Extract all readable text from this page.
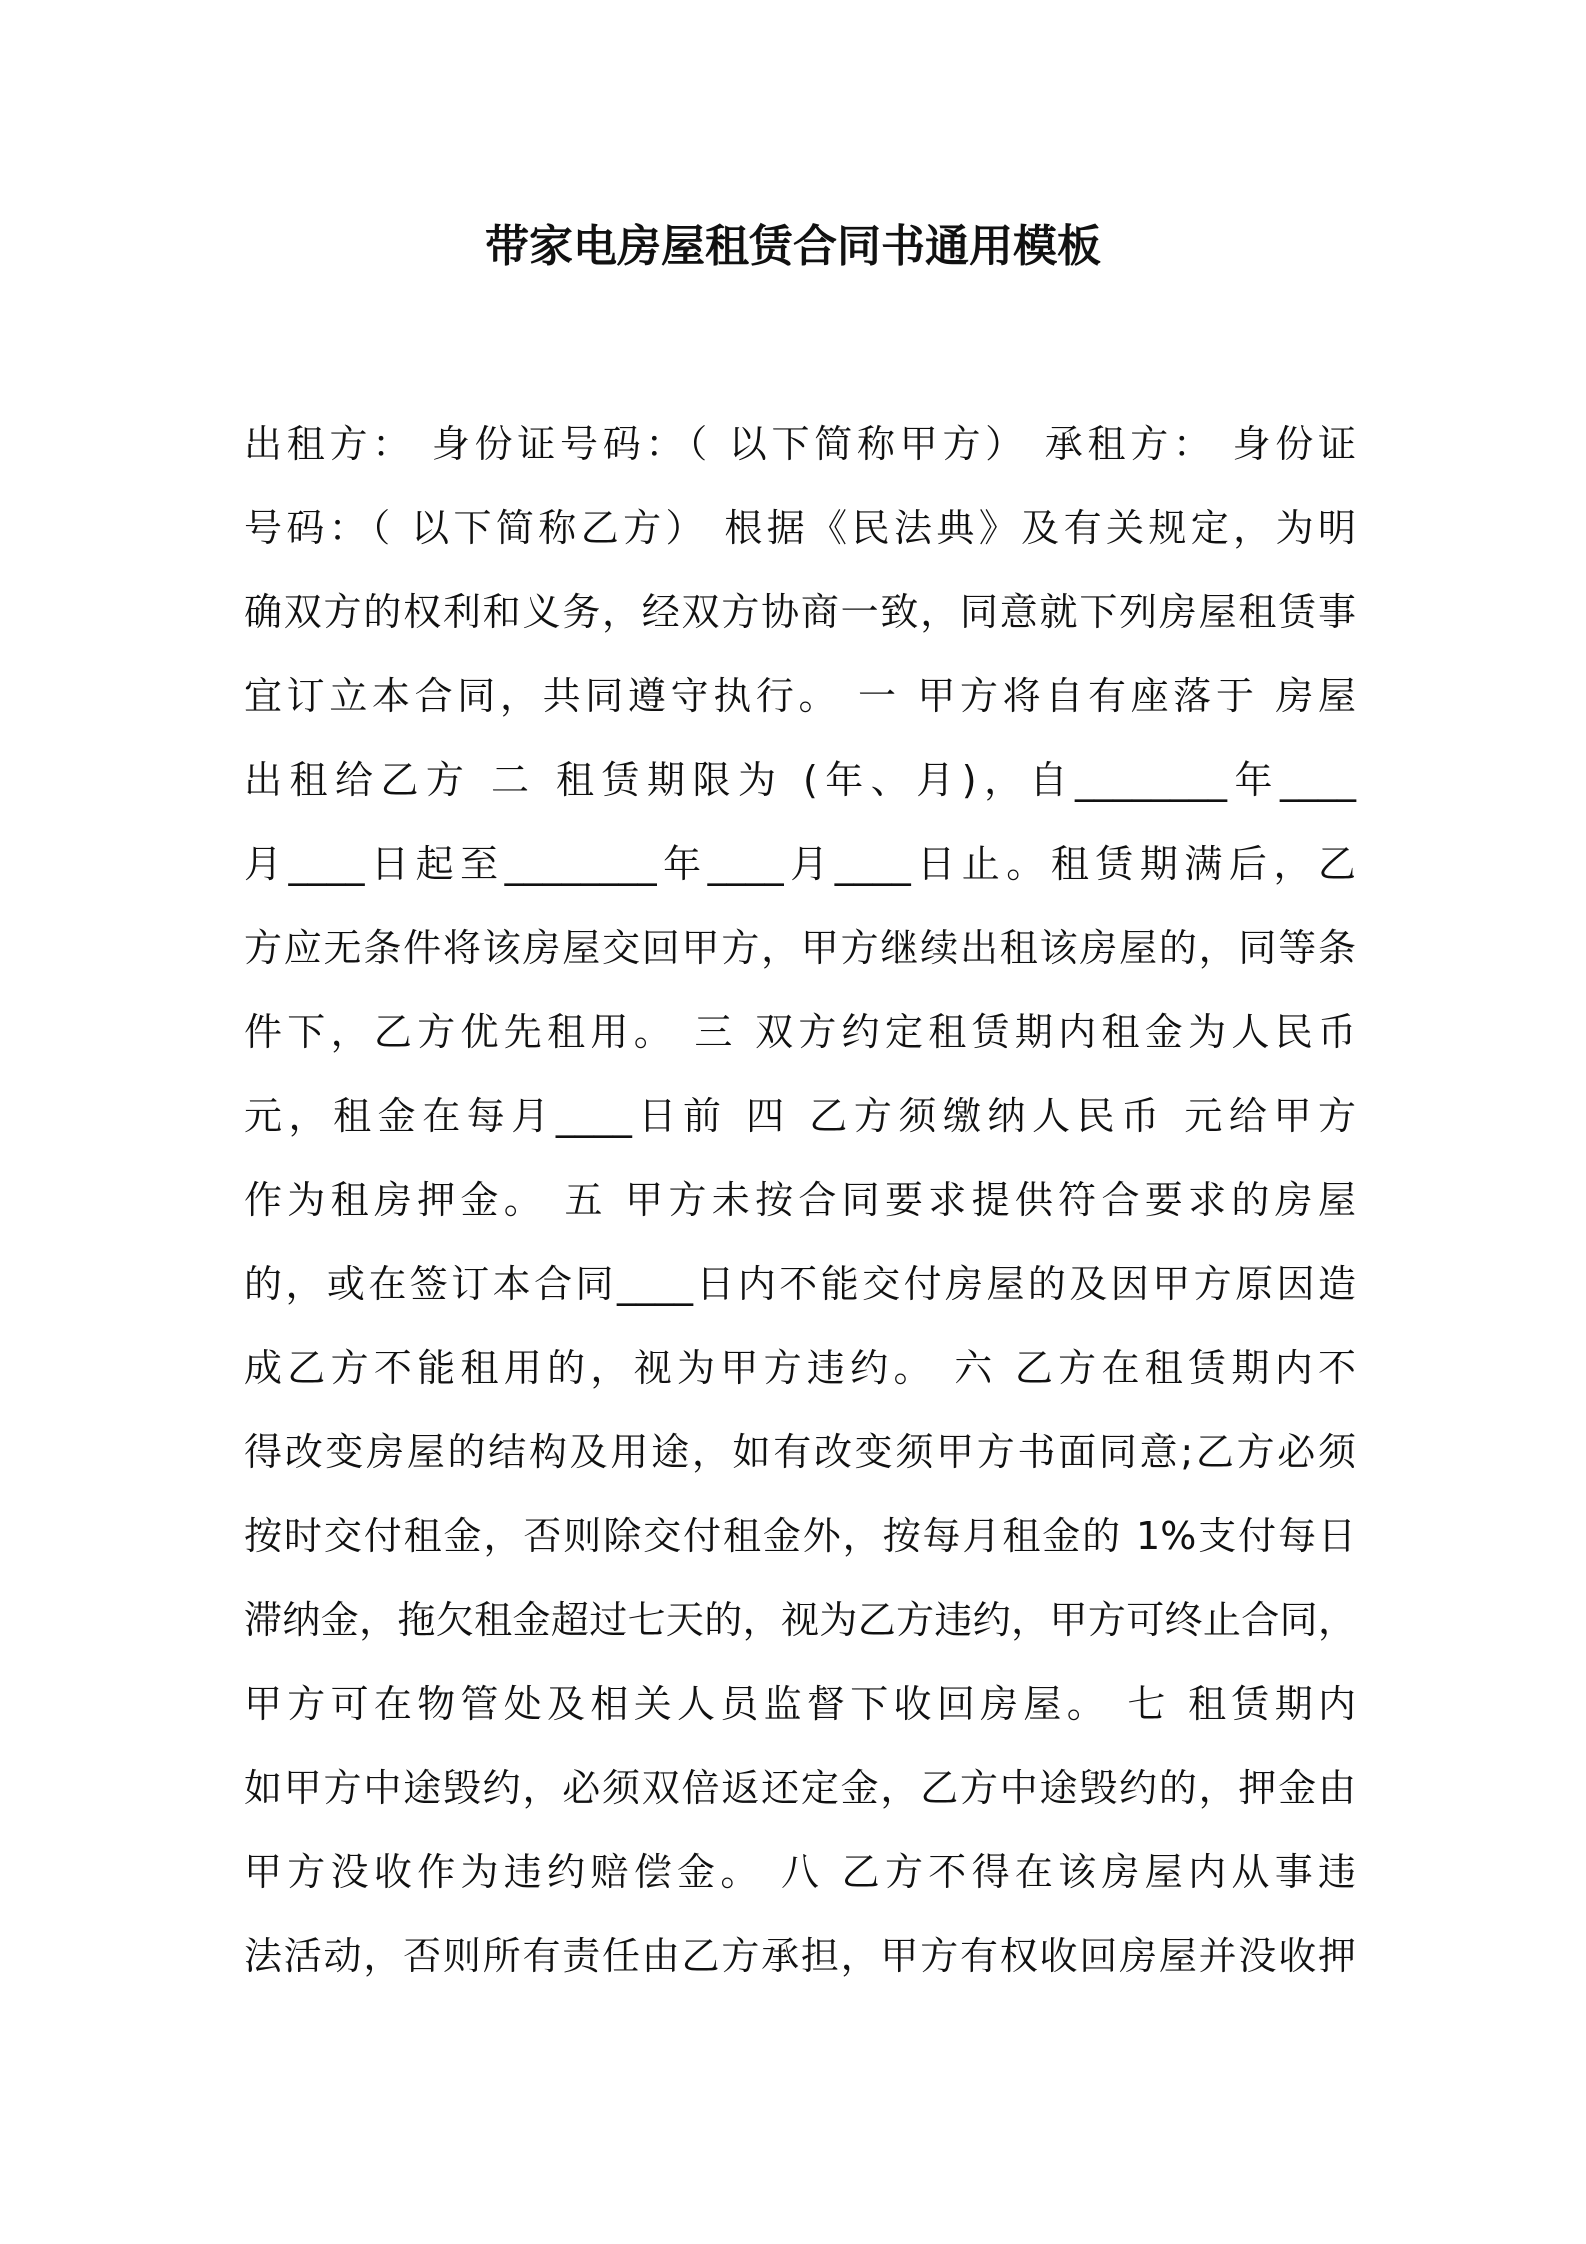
带家电房屋租赁合同书通用模板
出租方： 身份证号码：（ 以下简称甲方） 承租方： 身份证
号码：（ 以下简称乙方） 根据《民法典》及有关规定，为明
确双方的权利和义务，经双方协商一致，同意就下列房屋租赁事
宜订立本合同，共同遵守执行。 一 甲方将自有座落于 房屋
出租给乙方 二 租赁期限为 (年、月)，自________年____
月____日起至________年____月____日止。租赁期满后，乙
方应无条件将该房屋交回甲方，甲方继续出租该房屋的，同等条
件下，乙方优先租用。 三 双方约定租赁期内租金为人民币
元，租金在每月____日前 四 乙方须缴纳人民币 元给甲方
作为租房押金。 五 甲方未按合同要求提供符合要求的房屋
的，或在签订本合同____日内不能交付房屋的及因甲方原因造
成乙方不能租用的，视为甲方违约。 六 乙方在租赁期内不
得改变房屋的结构及用途，如有改变须甲方书面同意;乙方必须
按时交付租金，否则除交付租金外，按每月租金的 1%支付每日
滞纳金，拖欠租金超过七天的，视为乙方违约，甲方可终止合同，
甲方可在物管处及相关人员监督下收回房屋。 七 租赁期内
如甲方中途毁约，必须双倍返还定金，乙方中途毁约的，押金由
甲方没收作为违约赔偿金。 八 乙方不得在该房屋内从事违
法活动，否则所有责任由乙方承担，甲方有权收回房屋并没收押
